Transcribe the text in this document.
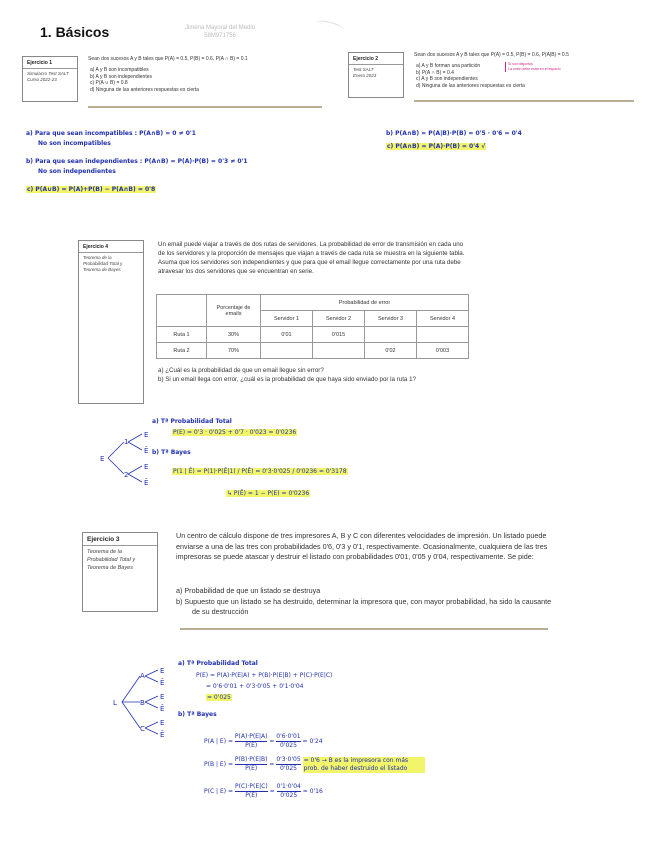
1. Básicos	Jimena Mayoral del Medio
58M971756
Ejercicio 1
Simulacro Test SALT
Curso 2022-23
Sean dos sucesos A y B tales que P(A) = 0.5, P(B) = 0.6, P(A ∩ B) = 0.1
a) A y B son incompatibles
b) A y B son independientes
c) P(A ∪ B) = 0.8
d) Ninguna de las anteriores respuestas es cierta
Ejercicio 2
Test SALT
Enero 2023
Sean dos sucesos A y B tales que P(A) = 0.5, P(B) = 0.6, P(A|B) = 0.5
a) A y B forman una partición
b) P(A ∩ B) = 0.4
c) A y B son independientes
d) Ninguna de las anteriores respuestas es cierta
Sí son disjuntos
La unión debe estar en el espacio
a) Para que sean incompatibles : P(A∩B) = 0 ≠ 0'1
No son incompatibles
b) Para que sean independientes : P(A∩B) = P(A)·P(B) = 0'3 ≠ 0'1
No son independientes
c) P(A∪B) = P(A)+P(B) − P(A∩B) = 0'8
b) P(A∩B) = P(A|B)·P(B) = 0'5 · 0'6 = 0'4
c) P(A∩B) = P(A)·P(B) = 0'4 √
Ejercicio 4
Teorema de la
Probabilidad Total y
Teorema de Bayes
Un email puede viajar a través de dos rutas de servidores. La probabilidad de error de transmisión en cada uno de los servidores y la proporción de mensajes que viajan a través de cada ruta se muestra en la siguiente tabla. Asuma que los servidores son independientes y que para que el email llegue correctamente por una ruta debe atravesar los dos servidores que se encuentran en serie.
	Porcentaje de emails	Probabilidad de error			
		Servidor 1	Servidor 2	Servidor 3	Servidor 4
Ruta 1	30%	0'01	0'015		
Ruta 2	70%			0'02	0'003
a) ¿Cuál es la probabilidad de que un email llegue sin error?
b) Si un email llega con error, ¿cuál es la probabilidad de que haya sido enviado por la ruta 1?
E
1
2
E
Ē
E
Ē
a) Tª Probabilidad Total
P(E) = 0'3 · 0'025 + 0'7 · 0'023 = 0'0236
b) Tª Bayes
P(1 | Ē) = P(1)·P(Ē|1) / P(Ē) = 0'3·0'025 / 0'0236 = 0'3178
↳ P(Ē) = 1 − P(E) = 0'0236
Ejercicio 3
Teorema de la
Probabilidad Total y
Teorema de Bayes
Un centro de cálculo dispone de tres impresores A, B y C con diferentes velocidades de impresión. Un listado puede enviarse a una de las tres con probabilidades 0'6, 0'3 y 0'1, respectivamente. Ocasionalmente, cualquiera de las tres impresoras se puede atascar y destruir el listado con probabilidades 0'01, 0'05 y 0'04, respectivamente. Se pide:
a) Probabilidad de que un listado se destruya
b) Supuesto que un listado se ha destruido, determinar la impresora que, con mayor probabilidad, ha sido la causante de su destrucción
L
A
B
C
E
Ē
E
Ē
E
Ē
a) Tª Probabilidad Total
P(E) = P(A)·P(E|A) + P(B)·P(E|B) + P(C)·P(E|C)
= 0'6·0'01 + 0'3·0'05 + 0'1·0'04
= 0'025
b) Tª Bayes
P(A | $E) = \frac{P(A)\cdot P(E|A)}{P(E)} = \frac{0'6\cdot 0'01}{0'025} = 0'24$
P(B | $E) = \frac{P(B)\cdot P(E|B)}{P(E)} = \frac{0'3\cdot 0'05}{0'025} = 0'6 \to B$ es la impresora con más prob. de haber destruido el listado
P(C | $E) = \frac{P(C)\cdot P(E|C)}{P(E)} = \frac{0'1\cdot 0'04}{0'025} = 0'16$
